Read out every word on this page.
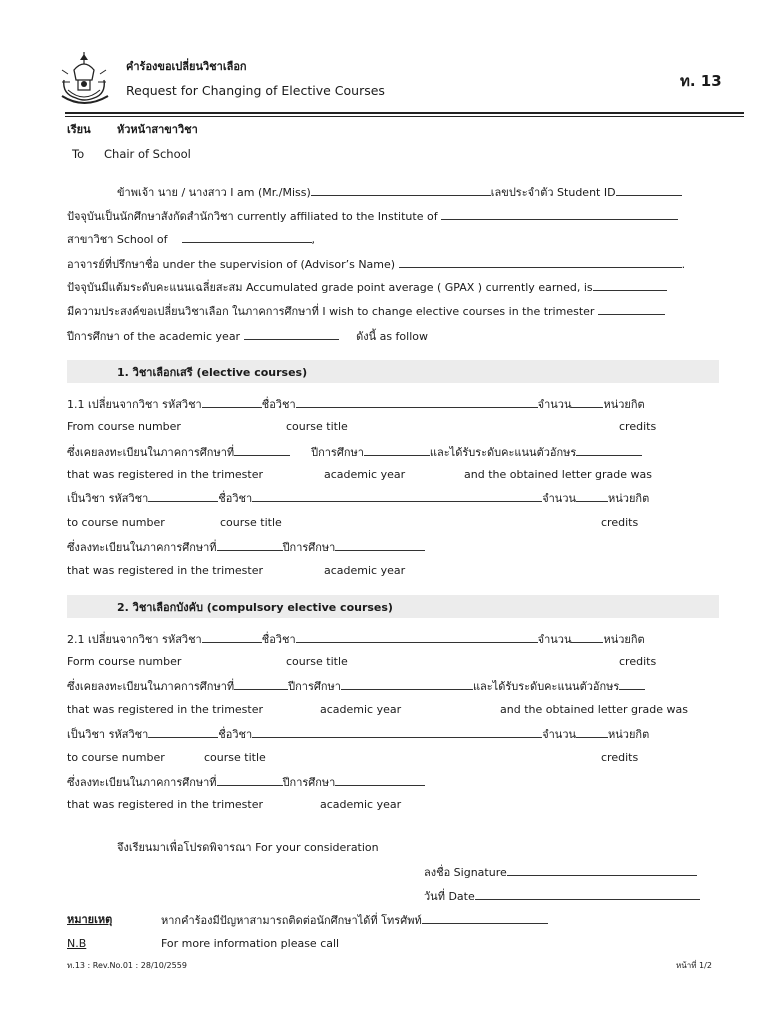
คำร้องขอเปลี่ยนวิชาเลือก
Request for Changing of Elective Courses
ท. 13
เรียน หัวหน้าสาขาวิชา
To Chair of School
ข้าพเจ้า นาย / นางสาว I am (Mr./Miss)	เลขประจำตัว Student ID
ปัจจุบันเป็นนักศึกษาสังกัดสำนักวิชา currently affiliated to the Institute of
สาขาวิชา School of	,
อาจารย์ที่ปรึกษาชื่อ under the supervision of (Advisor’s Name)	.
ปัจจุบันมีแต้มระดับคะแนนเฉลี่ยสะสม Accumulated grade point average ( GPAX ) currently earned, is
มีความประสงค์ขอเปลี่ยนวิชาเลือก ในภาคการศึกษาที่ I wish to change elective courses in the trimester
ปีการศึกษา of the academic year	ดังนี้ as follow
1. วิชาเลือกเสรี (elective courses)
1.1 เปลี่ยนจากวิชา รหัสวิชา	ชื่อวิชา	จำนวน	หน่วยกิต
From course number	course title	credits
ซึ่งเคยลงทะเบียนในภาคการศึกษาที่	ปีการศึกษา	และได้รับระดับคะแนนตัวอักษร
that was registered in the trimester	academic year	and the obtained letter grade was
เป็นวิชา รหัสวิชา	ชื่อวิชา	จำนวน	หน่วยกิต
to course number	course title	credits
ซึ่งลงทะเบียนในภาคการศึกษาที่	ปีการศึกษา
that was registered in the trimester	academic year
2. วิชาเลือกบังคับ (compulsory elective courses)
2.1 เปลี่ยนจากวิชา รหัสวิชา	ชื่อวิชา	จำนวน	หน่วยกิต
Form course number	course title	credits
ซึ่งเคยลงทะเบียนในภาคการศึกษาที่	ปีการศึกษา	และได้รับระดับคะแนนตัวอักษร
that was registered in the trimester	academic year	and the obtained letter grade was
เป็นวิชา รหัสวิชา	ชื่อวิชา	จำนวน	หน่วยกิต
to course number	course title	credits
ซึ่งลงทะเบียนในภาคการศึกษาที่	ปีการศึกษา
that was registered in the trimester	academic year
จึงเรียนมาเพื่อโปรดพิจารณา For your consideration
ลงชื่อ Signature
วันที่ Date
หมายเหตุ	หากคำร้องมีปัญหาสามารถติดต่อนักศึกษาได้ที่ โทรศัพท์
N.B	For more information please call
ท.13 : Rev.No.01 : 28/10/2559	หน้าที่ 1/2
